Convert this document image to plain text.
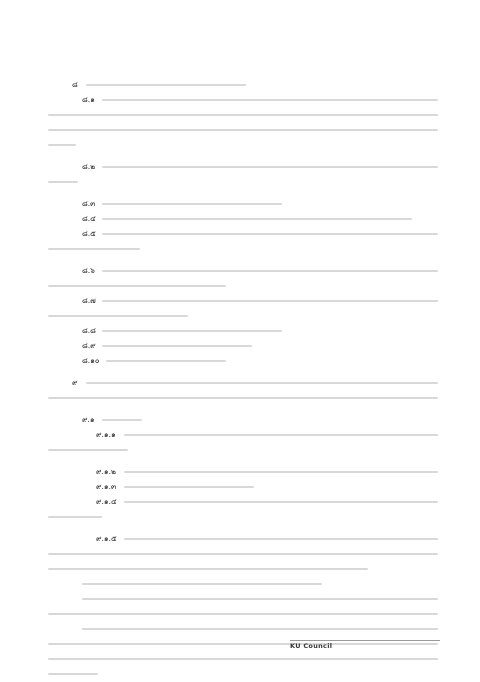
๘
๘.๑
๘.๒
๘.๓
๘.๔
๘.๕
๘.๖
๘.๗
๘.๘
๘.๙
๘.๑๐
๙
๙.๑
๙.๑.๑
๙.๑.๒
๙.๑.๓
๙.๑.๔
๙.๑.๕
KU Council
